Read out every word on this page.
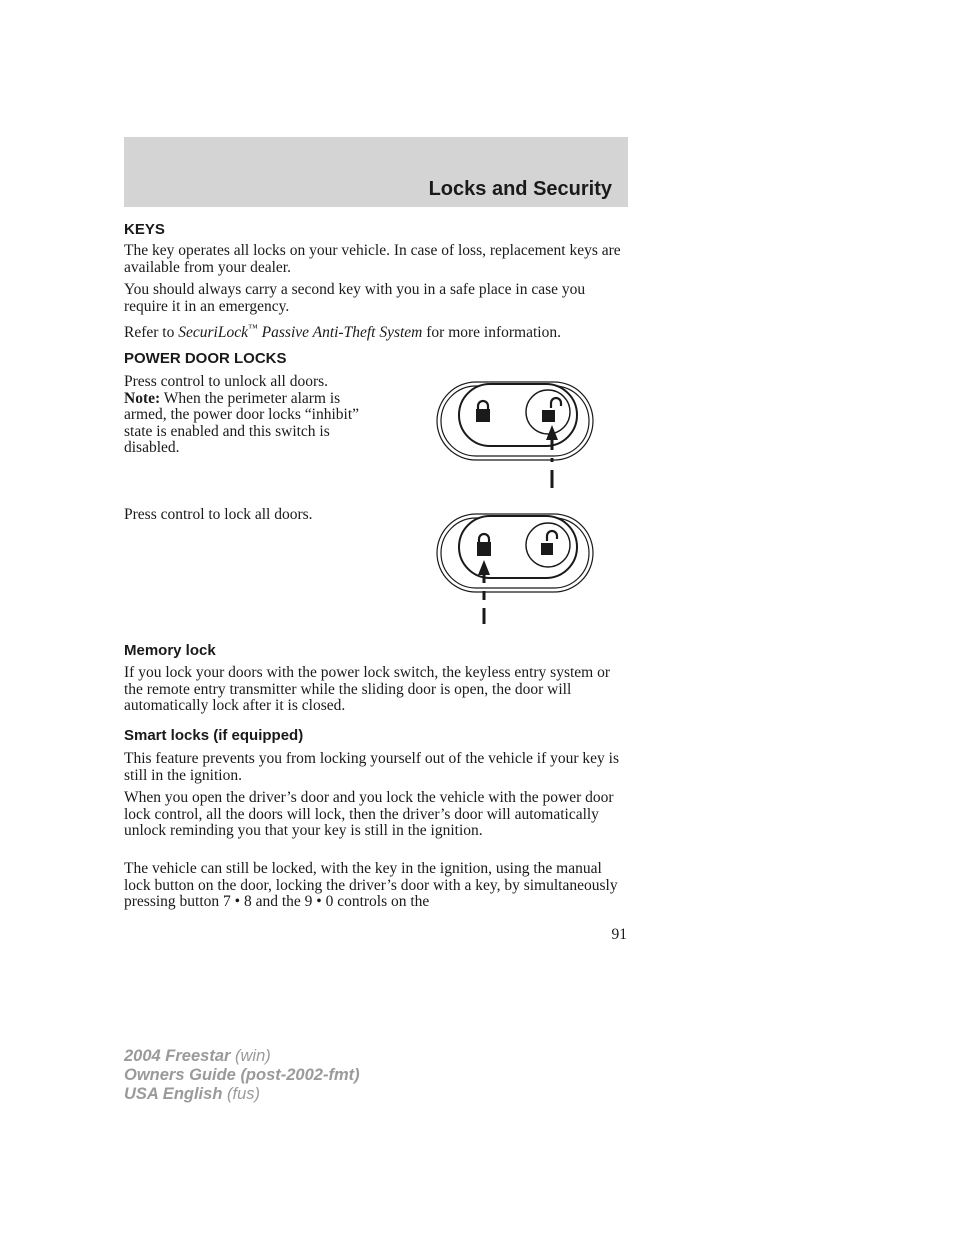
Locks and Security
KEYS

The key operates all locks on your vehicle. In case of loss, replacement keys are available from your dealer.

You should always carry a second key with you in a safe place in case you require it in an emergency.

Refer to SecuriLock™ Passive Anti-Theft System for more information.

POWER DOOR LOCKS

Press control to unlock all doors.
Note: When the perimeter alarm is armed, the power door locks “inhibit” state is enabled and this switch is disabled.

Press control to lock all doors.

Memory lock

If you lock your doors with the power lock switch, the keyless entry system or the remote entry transmitter while the sliding door is open, the door will automatically lock after it is closed.

Smart locks (if equipped)

This feature prevents you from locking yourself out of the vehicle if your key is still in the ignition.

When you open the driver’s door and you lock the vehicle with the power door lock control, all the doors will lock, then the driver’s door will automatically unlock reminding you that your key is still in the ignition.

The vehicle can still be locked, with the key in the ignition, using the manual lock button on the door, locking the driver’s door with a key, by simultaneously pressing button 7 • 8 and the 9 • 0 controls on the

91
2004 Freestar (win)
Owners Guide (post-2002-fmt)
USA English (fus)
